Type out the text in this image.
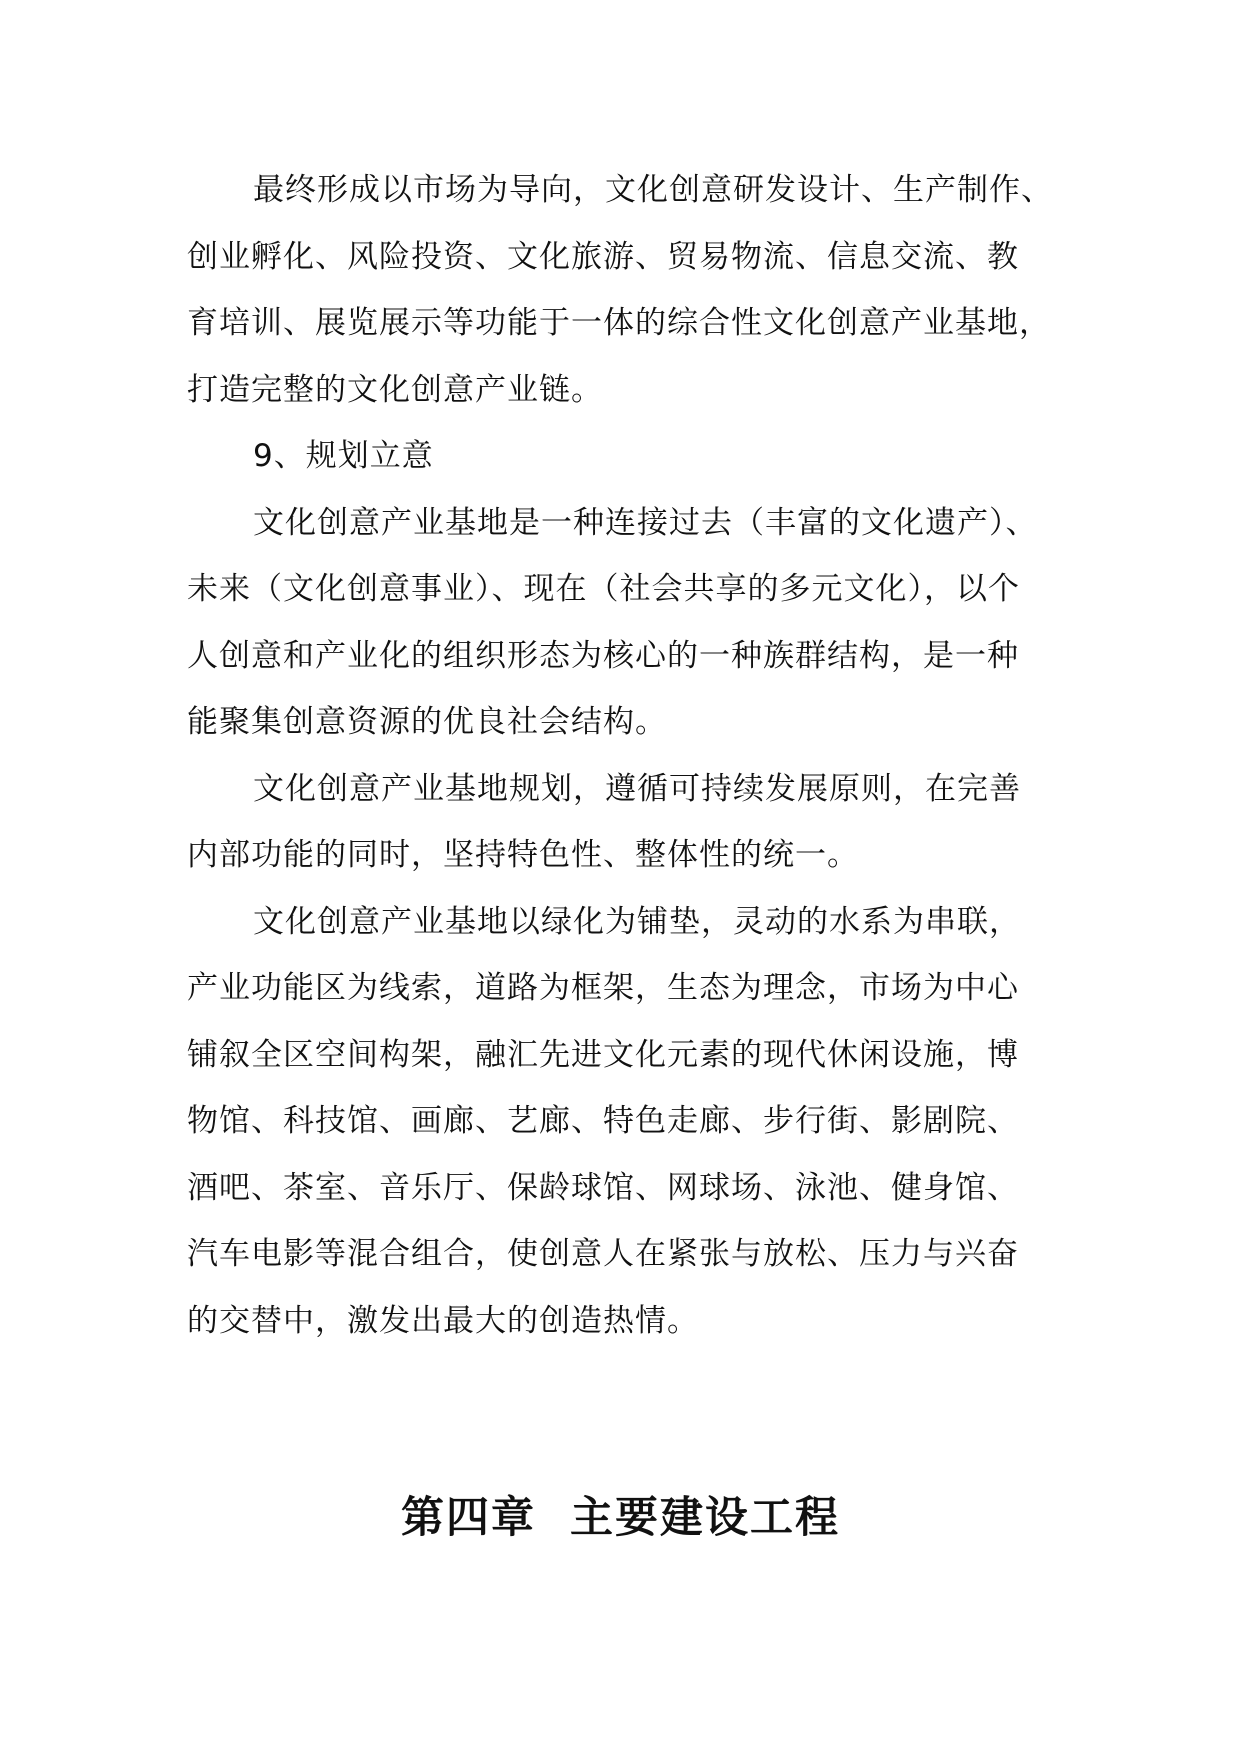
最终形成以市场为导向，文化创意研发设计、生产制作、
创业孵化、风险投资、文化旅游、贸易物流、信息交流、教
育培训、展览展示等功能于一体的综合性文化创意产业基地，
打造完整的文化创意产业链。
9、规划立意
文化创意产业基地是一种连接过去（丰富的文化遗产）、
未来（文化创意事业）、现在（社会共享的多元文化），以个
人创意和产业化的组织形态为核心的一种族群结构，是一种
能聚集创意资源的优良社会结构。
文化创意产业基地规划，遵循可持续发展原则，在完善
内部功能的同时，坚持特色性、整体性的统一。
文化创意产业基地以绿化为铺垫，灵动的水系为串联，
产业功能区为线索，道路为框架，生态为理念，市场为中心
铺叙全区空间构架，融汇先进文化元素的现代休闲设施，博
物馆、科技馆、画廊、艺廊、特色走廊、步行街、影剧院、
酒吧、茶室、音乐厅、保龄球馆、网球场、泳池、健身馆、
汽车电影等混合组合，使创意人在紧张与放松、压力与兴奋
的交替中，激发出最大的创造热情。
第四章  主要建设工程
